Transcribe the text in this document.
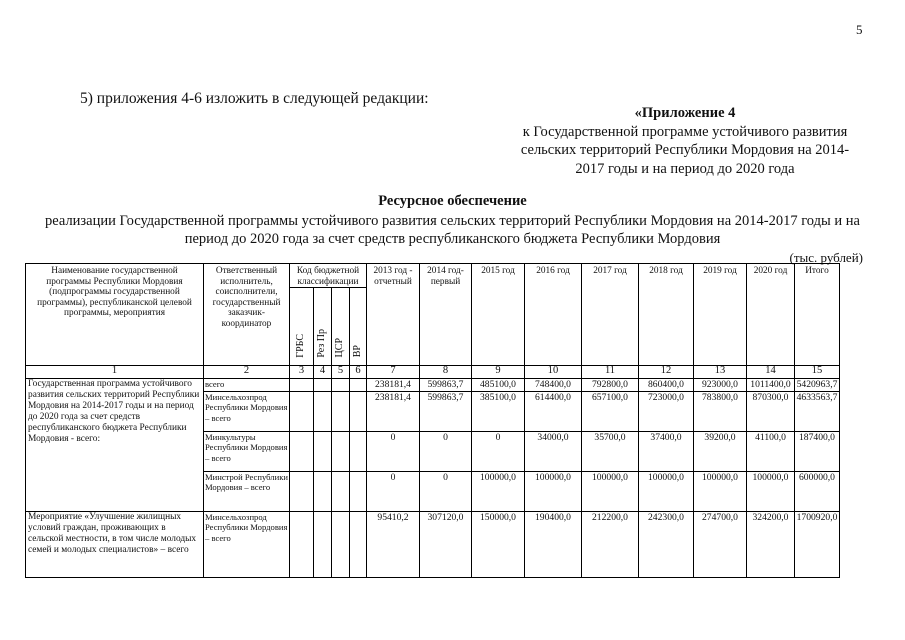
5
5) приложения 4-6 изложить в следующей редакции:
«Приложение 4
к Государственной программе устойчивого развития
сельских территорий Республики Мордовия на 2014-
2017 годы и на период до 2020 года
Ресурсное обеспечение
реализации Государственной программы устойчивого развития сельских территорий Республики Мордовия на 2014-2017 годы и на период до 2020 года за счет средств республиканского бюджета Республики Мордовия
(тыс. рублей)
Наименование государственной программы Республики Мордовия (подпрограммы государственной программы), республиканской целевой программы, мероприятия	Ответственный исполнитель, соисполнители, государственный заказчик-координатор	Код бюджетной классификации				2013 год - отчетный	2014 год- первый	2015 год	2016 год	2017 год	2018 год	2019 год	2020 год	Итого
		ГРБС	Рез Пр	ЦСР	ВР									
1	2	3	4	5	6	7	8	9	10	11	12	13	14	15
Государственная программа устойчивого развития сельских территорий Республики Мордовия на 2014-2017 годы и на период до 2020 года за счет средств республиканского бюджета Республики Мордовия - всего:	всего					238181,4	599863,7	485100,0	748400,0	792800,0	860400,0	923000,0	1011400,0	5420963,7
	Минсельхозпрод Республики Мордовия – всего					238181,4	599863,7	385100,0	614400,0	657100,0	723000,0	783800,0	870300,0	4633563,7
	Минкультуры Республики Мордовия – всего					0	0	0	34000,0	35700,0	37400,0	39200,0	41100,0	187400,0
	Минстрой Республики Мордовия – всего					0	0	100000,0	100000,0	100000,0	100000,0	100000,0	100000,0	600000,0
Мероприятие «Улучшение жилищных условий граждан, проживающих в сельской местности, в том числе молодых семей и молодых специалистов» – всего	Минсельхозпрод Республики Мордовия – всего					95410,2	307120,0	150000,0	190400,0	212200,0	242300,0	274700,0	324200,0	1700920,0
